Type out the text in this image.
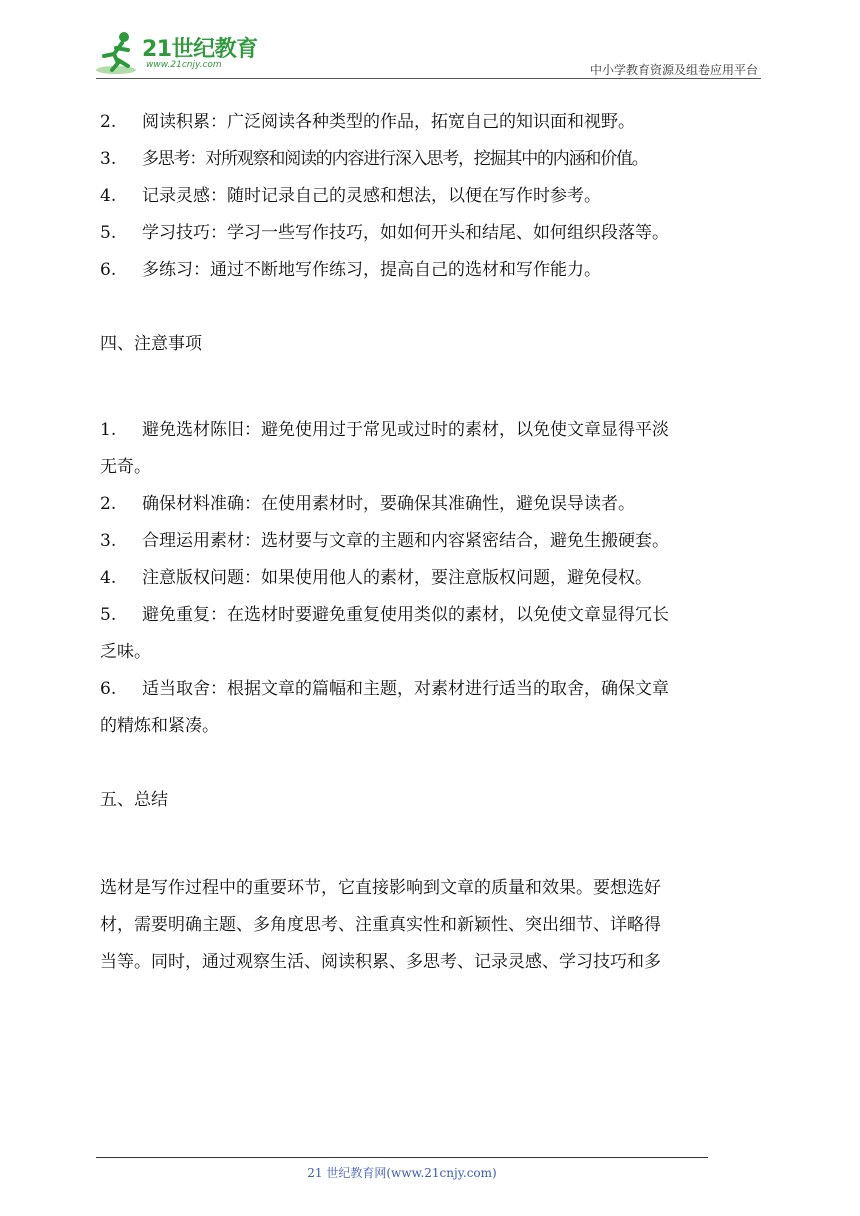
21世纪教育
www.21cnjy.com	中小学教育资源及组卷应用平台
2.	阅读积累：广泛阅读各种类型的作品，拓宽自己的知识面和视野。
3.	多思考：对所观察和阅读的内容进行深入思考，挖掘其中的内涵和价值。
4.	记录灵感：随时记录自己的灵感和想法，以便在写作时参考。
5.	学习技巧：学习一些写作技巧，如如何开头和结尾、如何组织段落等。
6.	多练习：通过不断地写作练习，提高自己的选材和写作能力。
四、注意事项
1.	避免选材陈旧：避免使用过于常见或过时的素材，以免使文章显得平淡
无奇。
2.	确保材料准确：在使用素材时，要确保其准确性，避免误导读者。
3.	合理运用素材：选材要与文章的主题和内容紧密结合，避免生搬硬套。
4.	注意版权问题：如果使用他人的素材，要注意版权问题，避免侵权。
5.	避免重复：在选材时要避免重复使用类似的素材，以免使文章显得冗长
乏味。
6.	适当取舍：根据文章的篇幅和主题，对素材进行适当的取舍，确保文章
的精炼和紧凑。
五、总结
选材是写作过程中的重要环节，它直接影响到文章的质量和效果。要想选好
材，需要明确主题、多角度思考、注重真实性和新颖性、突出细节、详略得
当等。同时，通过观察生活、阅读积累、多思考、记录灵感、学习技巧和多
21 世纪教育网(www.21cnjy.com)
